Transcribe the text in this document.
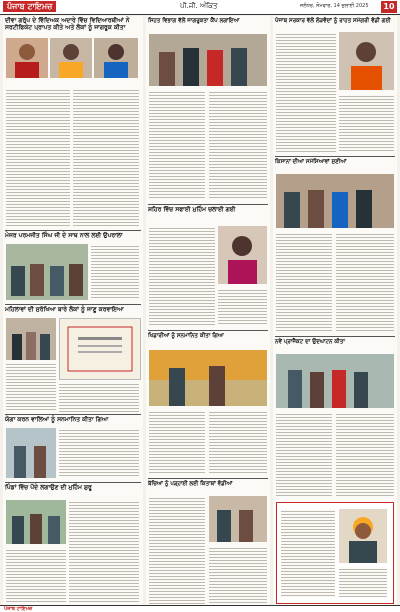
ਪੰਜਾਬ ਟਾਇਮਜ਼	ਪੀ.ਜੀ. ਅੰਕਿਤ	ਜਲੰਧਰ, ਸੋਮਵਾਰ, 14 ਜੁਲਾਈ 2025	10
ਦੀਵਾ ਗਰੁੱਪ ਦੇ ਵਿੱਦਿਅਕ ਅਦਾਰੇ ਵਿੱਚ ਵਿਦਿਆਰਥੀਆਂ ਨੇ ਸਰਟੀਫਿਕੇਟ ਪ੍ਰਾਪਤ ਕੀਤੇ ਅਤੇ ਲੋਕਾਂ ਨੂੰ ਜਾਗਰੂਕ ਕੀਤਾ
ਮੇਜਰ ਪਰਮਜੀਤ ਸਿੰਘ ਜੀ ਦੇ ਸਾਥ ਨਾਲ ਲਈ ਉਪਰਾਲਾ
ਮਹਿਲਾਵਾਂ ਦੀ ਸੁਰੱਖਿਆ ਬਾਰੇ ਲੋਕਾਂ ਨੂੰ ਜਾਣੂ ਕਰਵਾਇਆ
ਯੋਗਾ ਕਰਨ ਵਾਲਿਆਂ ਨੂੰ ਸਨਮਾਨਿਤ ਕੀਤਾ ਗਿਆ
ਪਿੰਡਾਂ ਵਿੱਚ ਪੌਦੇ ਲਗਾਉਣ ਦੀ ਮੁਹਿੰਮ ਸ਼ੁਰੂ
ਸਿਹਤ ਵਿਭਾਗ ਵੱਲੋਂ ਜਾਗਰੂਕਤਾ ਕੈਂਪ ਲਗਾਇਆ
ਸ਼ਹਿਰ ਵਿੱਚ ਸਫਾਈ ਮੁਹਿੰਮ ਚਲਾਈ ਗਈ
ਖਿਡਾਰੀਆਂ ਨੂੰ ਸਨਮਾਨਿਤ ਕੀਤਾ ਗਿਆ
ਬੱਚਿਆਂ ਨੂੰ ਪੜ੍ਹਾਈ ਲਈ ਕਿਤਾਬਾਂ ਵੰਡੀਆਂ
ਪੰਜਾਬ ਸਰਕਾਰ ਵੱਲੋਂ ਲੋੜਵੰਦਾਂ ਨੂੰ ਰਾਹਤ ਸਮੱਗਰੀ ਵੰਡੀ ਗਈ
ਕਿਸਾਨਾਂ ਦੀਆਂ ਸਮੱਸਿਆਵਾਂ ਸੁਣੀਆਂ
ਨਵੇਂ ਪ੍ਰਾਜੈਕਟ ਦਾ ਉਦਘਾਟਨ ਕੀਤਾ
ਪੰਜਾਬ ਟਾਇਮਜ਼
